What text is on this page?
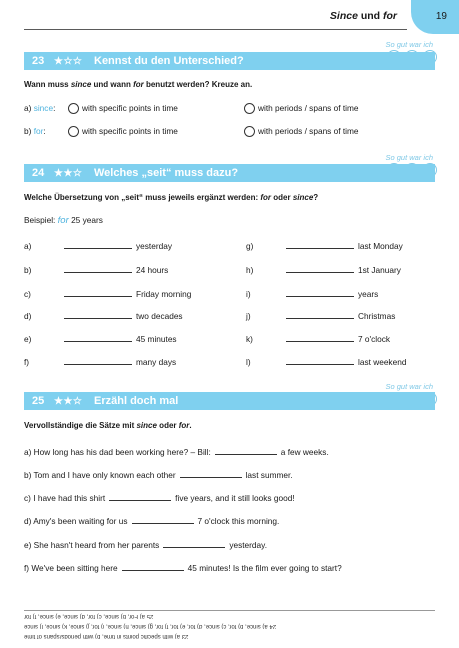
Since und for	19
So gut war ich
23 ★☆☆	Kennst du den Unterschied?
Wann muss since und wann for benutzt werden? Kreuze an.
a) since:	with specific points in time	with periods / spans of time
b) for:	with specific points in time	with periods / spans of time
So gut war ich
24 ★★☆	Welches „seit“ muss dazu?
Welche Übersetzung von „seit“ muss jeweils ergänzt werden: for oder since?
Beispiel: for 25 years
a)	yesterday
b)	24 hours
c)	Friday morning
d)	two decades
e)	45 minutes
f)	many days
g)	last Monday
h)	1st January
i)	years
j)	Christmas
k)	7 o'clock
l)	last weekend
So gut war ich
25 ★★☆	Erzähl doch mal
Vervollständige die Sätze mit since oder for.
a) How long has his dad been working here? – Bill:	a few weeks.
b) Tom and I have only known each other	last summer.
c) I have had this shirt	five years, and it still looks good!
d) Amy's been waiting for us	7 o'clock this morning.
e) She hasn't heard from her parents	yesterday.
f) We've been sitting here	45 minutes! Is the film ever going to start?
25 a) For, b) since, c) for, d) since, e) since, f) for
24 a) since, b) for, c) since, d) for, e) for, f) for, g) since, h) since, i) for, j) since, k) since, l) since
23 a) with specific points in time, b) with periods/spans of time
